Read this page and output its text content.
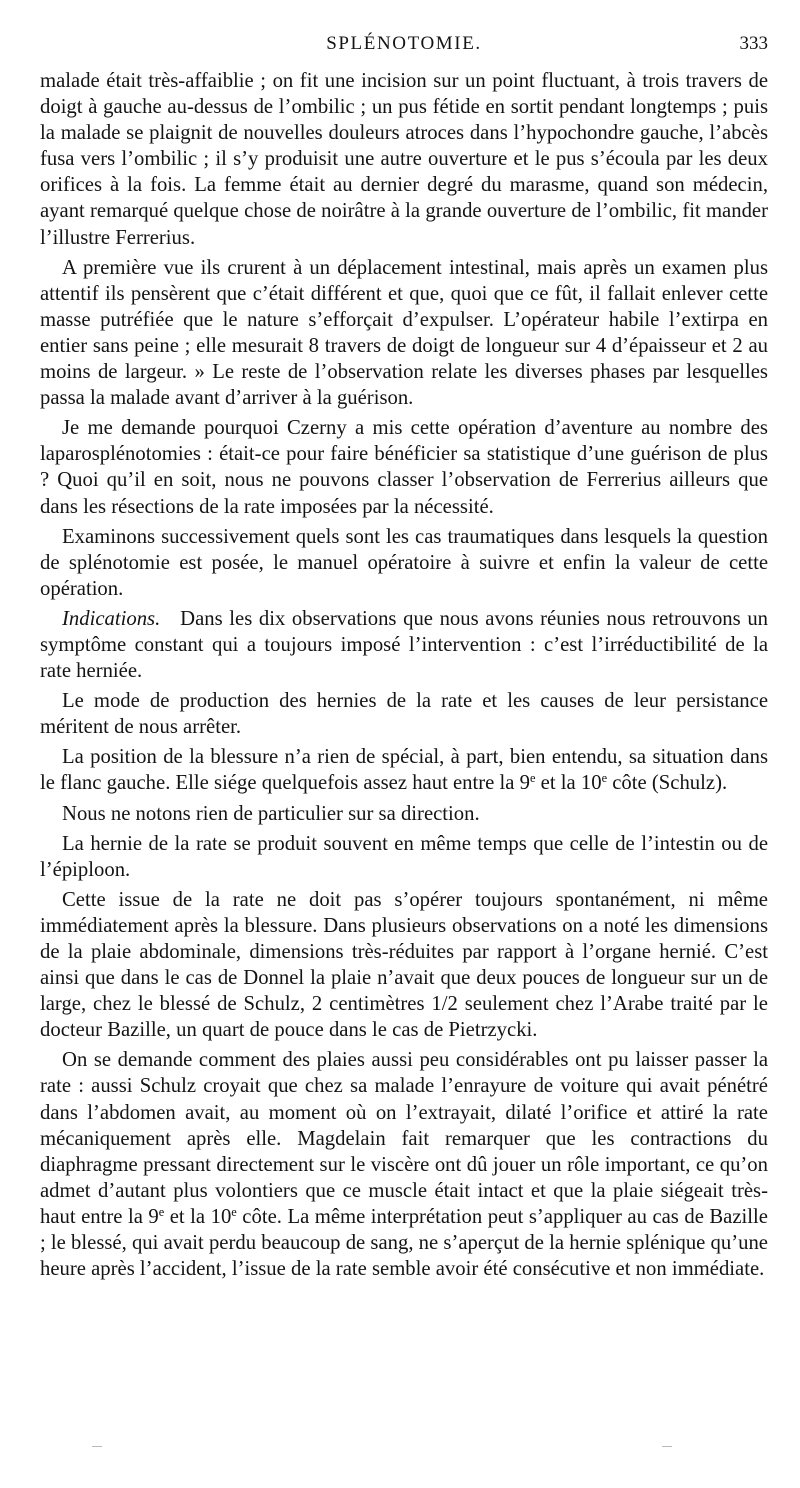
SPLÉNOTOMIE.	333

malade était très-affaiblie ; on fit une incision sur un point fluctuant, à trois travers de doigt à gauche au-dessus de l’ombilic ; un pus fétide en sortit pendant longtemps ; puis la malade se plaignit de nouvelles douleurs atroces dans l’hypochondre gauche, l’abcès fusa vers l’ombilic ; il s’y produisit une autre ouverture et le pus s’écoula par les deux orifices à la fois. La femme était au dernier degré du marasme, quand son médecin, ayant remarqué quelque chose de noirâtre à la grande ouverture de l’ombilic, fit mander l’illustre Ferrerius.

A première vue ils crurent à un déplacement intestinal, mais après un examen plus attentif ils pensèrent que c’était différent et que, quoi que ce fût, il fallait enlever cette masse putréfiée que le nature s’efforçait d’expulser. L’opérateur habile l’extirpa en entier sans peine ; elle mesurait 8 travers de doigt de longueur sur 4 d’épaisseur et 2 au moins de largeur. » Le reste de l’observation relate les diverses phases par lesquelles passa la malade avant d’arriver à la guérison.

Je me demande pourquoi Czerny a mis cette opération d’aventure au nombre des laparosplénotomies : était-ce pour faire bénéficier sa statistique d’une guérison de plus ? Quoi qu’il en soit, nous ne pouvons classer l’observation de Ferrerius ailleurs que dans les résections de la rate imposées par la nécessité.

Examinons successivement quels sont les cas traumatiques dans lesquels la question de splénotomie est posée, le manuel opératoire à suivre et enfin la valeur de cette opération.

Indications. Dans les dix observations que nous avons réunies nous retrouvons un symptôme constant qui a toujours imposé l’intervention : c’est l’irréductibilité de la rate herniée.

Le mode de production des hernies de la rate et les causes de leur persistance méritent de nous arrêter.

La position de la blessure n’a rien de spécial, à part, bien entendu, sa situation dans le flanc gauche. Elle siége quelquefois assez haut entre la 9e et la 10e côte (Schulz).

Nous ne notons rien de particulier sur sa direction.

La hernie de la rate se produit souvent en même temps que celle de l’intestin ou de l’épiploon.

Cette issue de la rate ne doit pas s’opérer toujours spontanément, ni même immédiatement après la blessure. Dans plusieurs observations on a noté les dimensions de la plaie abdominale, dimensions très-réduites par rapport à l’organe hernié. C’est ainsi que dans le cas de Donnel la plaie n’avait que deux pouces de longueur sur un de large, chez le blessé de Schulz, 2 centimètres 1/2 seulement chez l’Arabe traité par le docteur Bazille, un quart de pouce dans le cas de Pietrzycki.

On se demande comment des plaies aussi peu considérables ont pu laisser passer la rate : aussi Schulz croyait que chez sa malade l’enrayure de voiture qui avait pénétré dans l’abdomen avait, au moment où on l’extrayait, dilaté l’orifice et attiré la rate mécaniquement après elle. Magdelain fait remarquer que les contractions du diaphragme pressant directement sur le viscère ont dû jouer un rôle important, ce qu’on admet d’autant plus volontiers que ce muscle était intact et que la plaie siégeait très-haut entre la 9e et la 10e côte. La même interprétation peut s’appliquer au cas de Bazille ; le blessé, qui avait perdu beaucoup de sang, ne s’aperçut de la hernie splénique qu’une heure après l’accident, l’issue de la rate semble avoir été consécutive et non immédiate.
